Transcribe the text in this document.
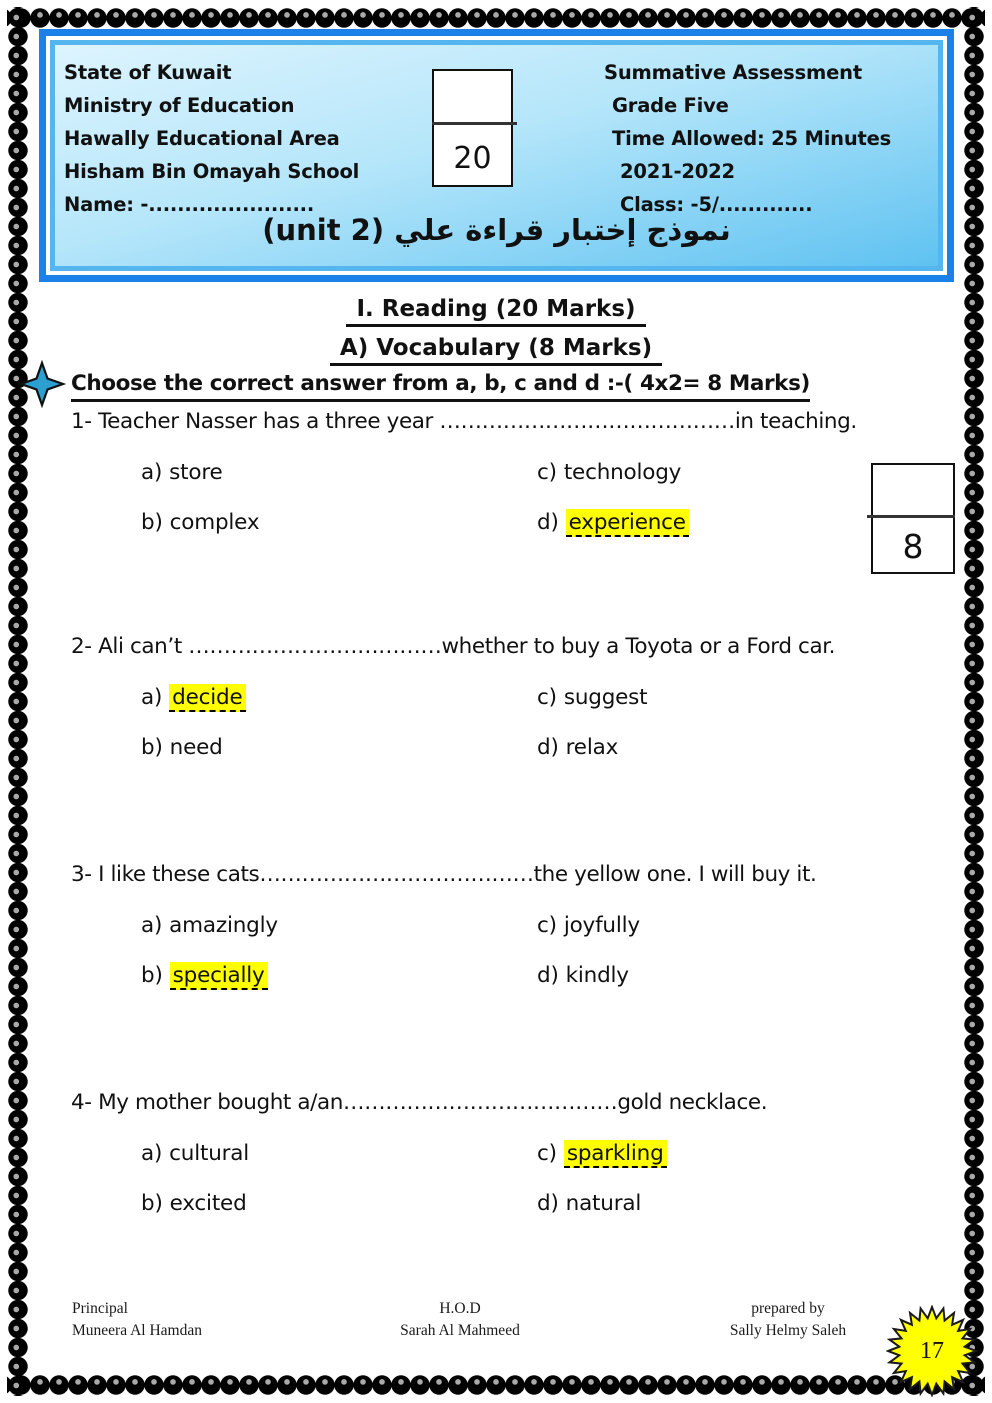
State of Kuwait
Ministry of Education
Hawally Educational Area
Hisham Bin Omayah School
Name: -.......................
20
Summative Assessment
Grade Five
Time Allowed: 25 Minutes
2021-2022
Class: -5/.............
نموذج إختبار قراءة علي (unit 2)
I. Reading (20 Marks)
A) Vocabulary (8 Marks)
Choose the correct answer from a, b, c and d :-( 4x2= 8 Marks)

1- Teacher Nasser has a three year ……………………………………in teaching.

a) store	c) technology
b) complex	d) experience
8

2- Ali can’t ………………………………whether to buy a Toyota or a Ford car.

a) decide	c) suggest
b) need	d) relax

3- I like these cats…………………………………the yellow one. I will buy it.

a) amazingly	c) joyfully
b) specially	d) kindly

4- My mother bought a/an…………………………………gold necklace.

a) cultural	c) sparkling
b) excited	d) natural
Principal
Muneera Al Hamdan
H.O.D
Sarah Al Mahmeed
prepared by
Sally Helmy Saleh
17
